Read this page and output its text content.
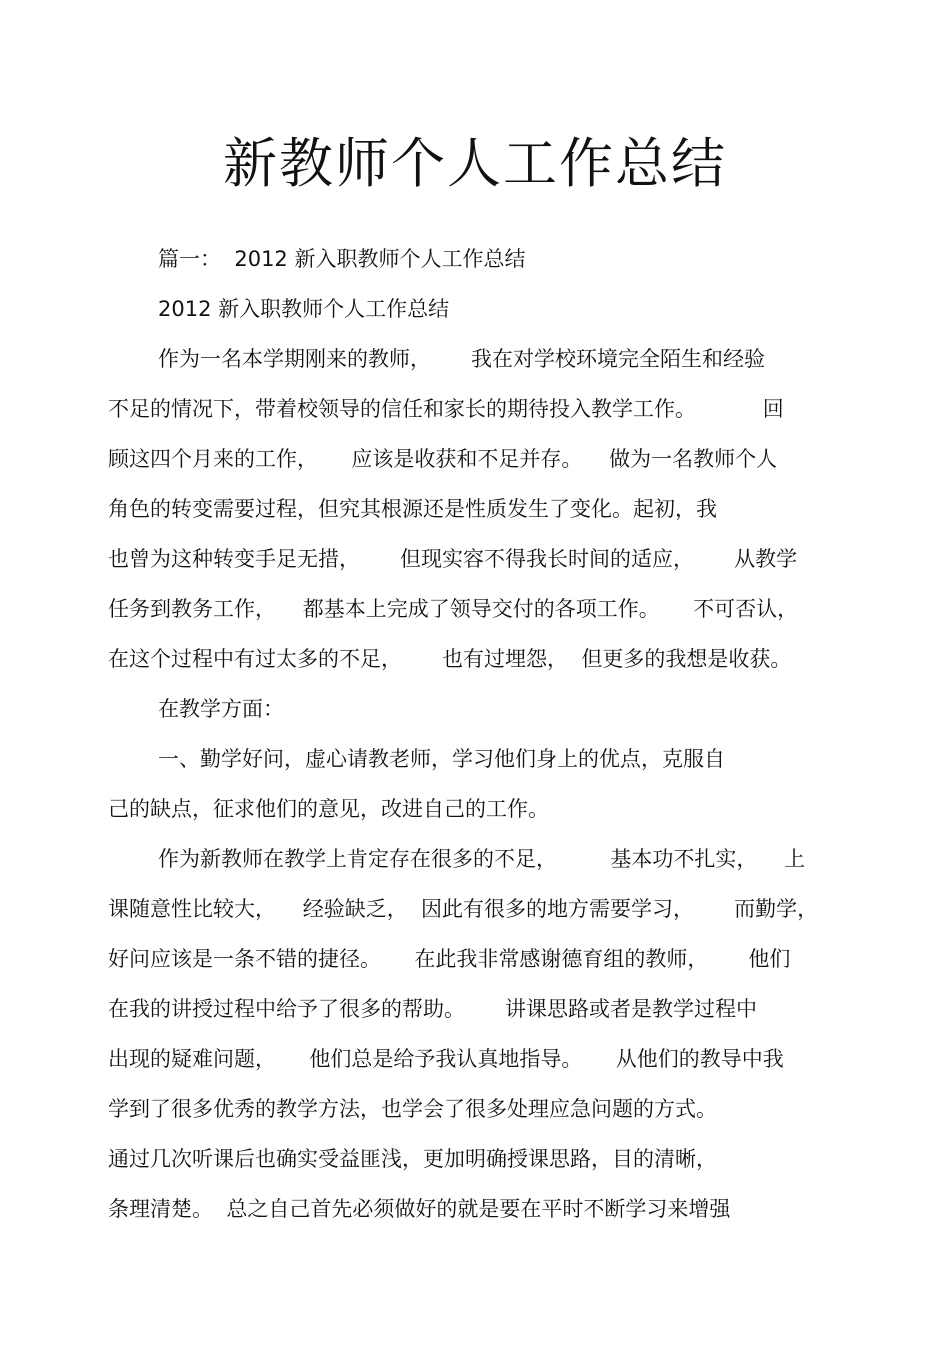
新教师个人工作总结

篇一：  2012 新入职教师个人工作总结

2012 新入职教师个人工作总结

作为一名本学期刚来的教师，      我在对学校环境完全陌生和经验

不足的情况下，带着校领导的信任和家长的期待投入教学工作。          回

顾这四个月来的工作，     应该是收获和不足并存。    做为一名教师个人

角色的转变需要过程，但究其根源还是性质发生了变化。起初，我

也曾为这种转变手足无措，      但现实容不得我长时间的适应，      从教学

任务到教务工作，    都基本上完成了领导交付的各项工作。     不可否认，

在这个过程中有过太多的不足，      也有过埋怨，  但更多的我想是收获。

在教学方面：

一、勤学好问，虚心请教老师，学习他们身上的优点，克服自

己的缺点，征求他们的意见，改进自己的工作。

作为新教师在教学上肯定存在很多的不足，        基本功不扎实，    上

课随意性比较大，    经验缺乏，  因此有很多的地方需要学习，      而勤学，

好问应该是一条不错的捷径。     在此我非常感谢德育组的教师，      他们

在我的讲授过程中给予了很多的帮助。      讲课思路或者是教学过程中

出现的疑难问题，     他们总是给予我认真地指导。     从他们的教导中我

学到了很多优秀的教学方法，也学会了很多处理应急问题的方式。

通过几次听课后也确实受益匪浅，更加明确授课思路，目的清晰，

条理清楚。  总之自己首先必须做好的就是要在平时不断学习来增强
